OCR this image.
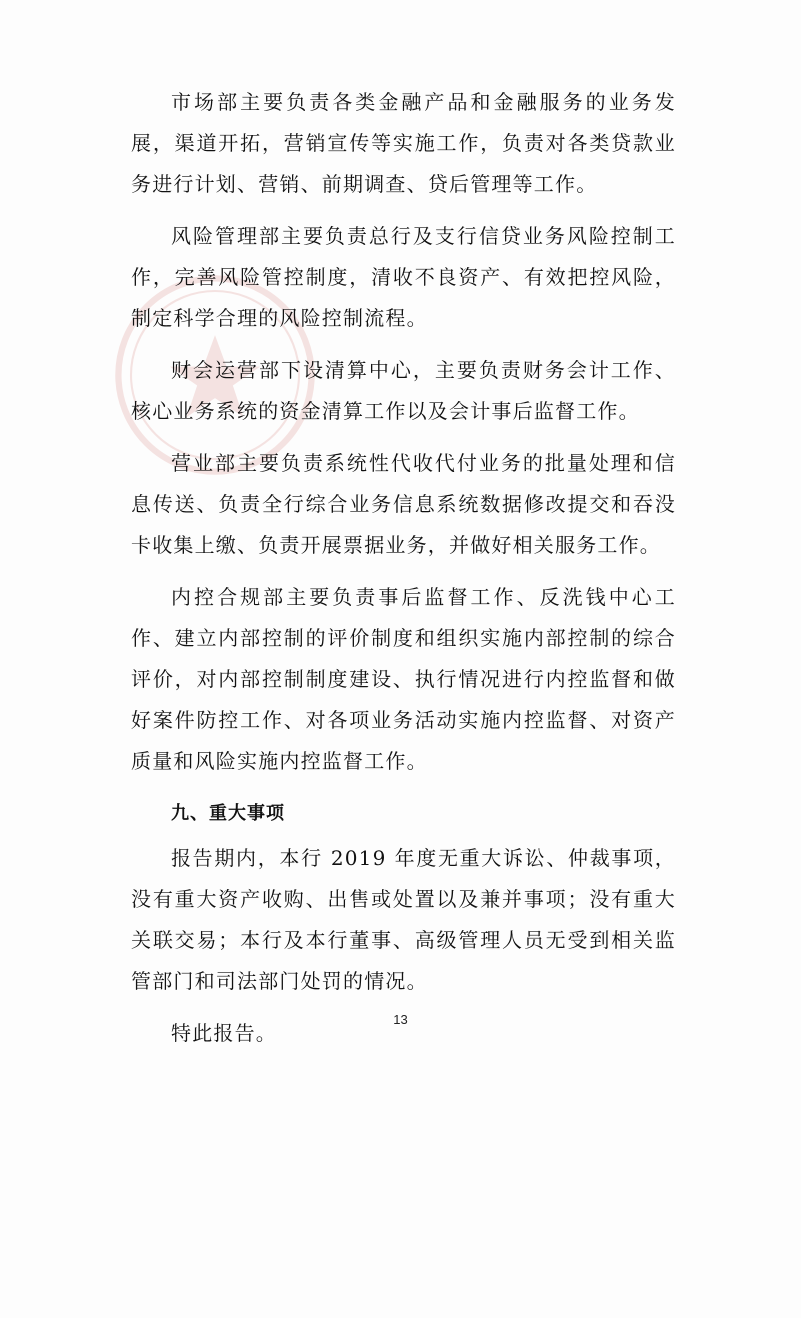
市场部主要负责各类金融产品和金融服务的业务发展，渠道开拓，营销宣传等实施工作，负责对各类贷款业务进行计划、营销、前期调查、贷后管理等工作。

风险管理部主要负责总行及支行信贷业务风险控制工作，完善风险管控制度，清收不良资产、有效把控风险，制定科学合理的风险控制流程。

财会运营部下设清算中心，主要负责财务会计工作、核心业务系统的资金清算工作以及会计事后监督工作。

营业部主要负责系统性代收代付业务的批量处理和信息传送、负责全行综合业务信息系统数据修改提交和吞没卡收集上缴、负责开展票据业务，并做好相关服务工作。

内控合规部主要负责事后监督工作、反洗钱中心工作、建立内部控制的评价制度和组织实施内部控制的综合评价，对内部控制制度建设、执行情况进行内控监督和做好案件防控工作、对各项业务活动实施内控监督、对资产质量和风险实施内控监督工作。

九、重大事项

报告期内，本行 2019 年度无重大诉讼、仲裁事项，没有重大资产收购、出售或处置以及兼并事项；没有重大关联交易；本行及本行董事、高级管理人员无受到相关监管部门和司法部门处罚的情况。

特此报告。

13
